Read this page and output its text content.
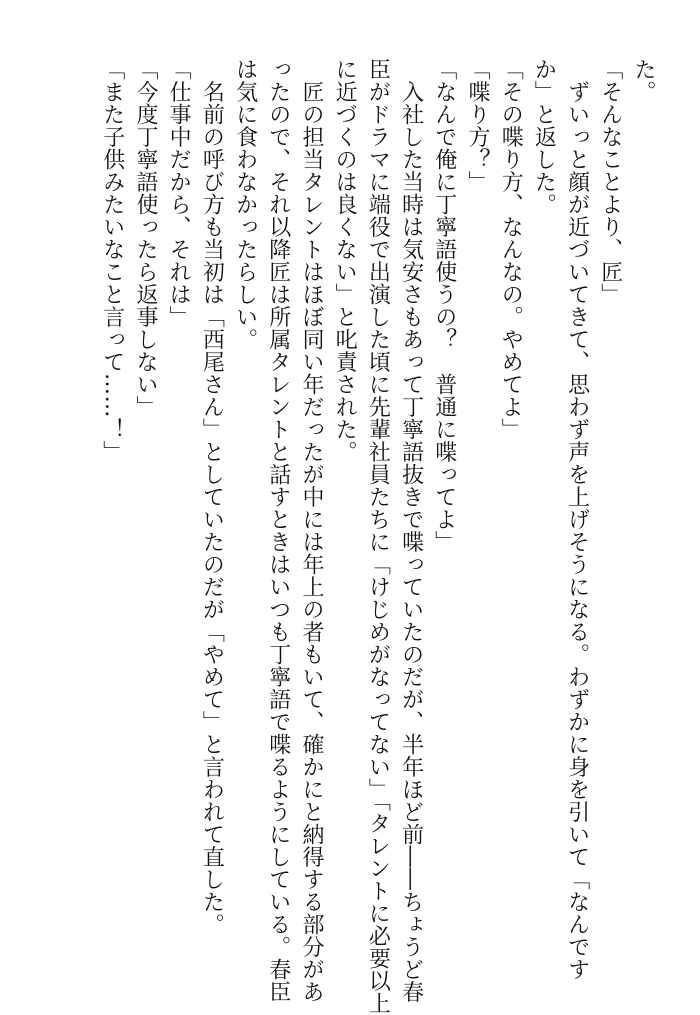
た。
「そんなことより、匠」
　ずいっと顔が近づいてきて、思わず声を上げそうになる。わずかに身を引いて「なんです
か」と返した。
「その喋り方、なんなの。やめてよ」
「喋り方？」
「なんで俺に丁寧語使うの？　普通に喋ってよ」
　入社した当時は気安さもあって丁寧語抜きで喋っていたのだが、半年ほど前――ちょうど春
臣がドラマに端役で出演した頃に先輩社員たちに「けじめがなってない」「タレントに必要以上
に近づくのは良くない」と叱責された。
　匠の担当タレントはほぼ同い年だったが中には年上の者もいて、確かにと納得する部分があ
ったので、それ以降匠は所属タレントと話すときはいつも丁寧語で喋るようにしている。春臣
は気に食わなかったらしい。
　名前の呼び方も当初は「西尾さん」としていたのだが「やめて」と言われて直した。
「仕事中だから、それは」
「今度丁寧語使ったら返事しない」
「また子供みたいなこと言って……！」
